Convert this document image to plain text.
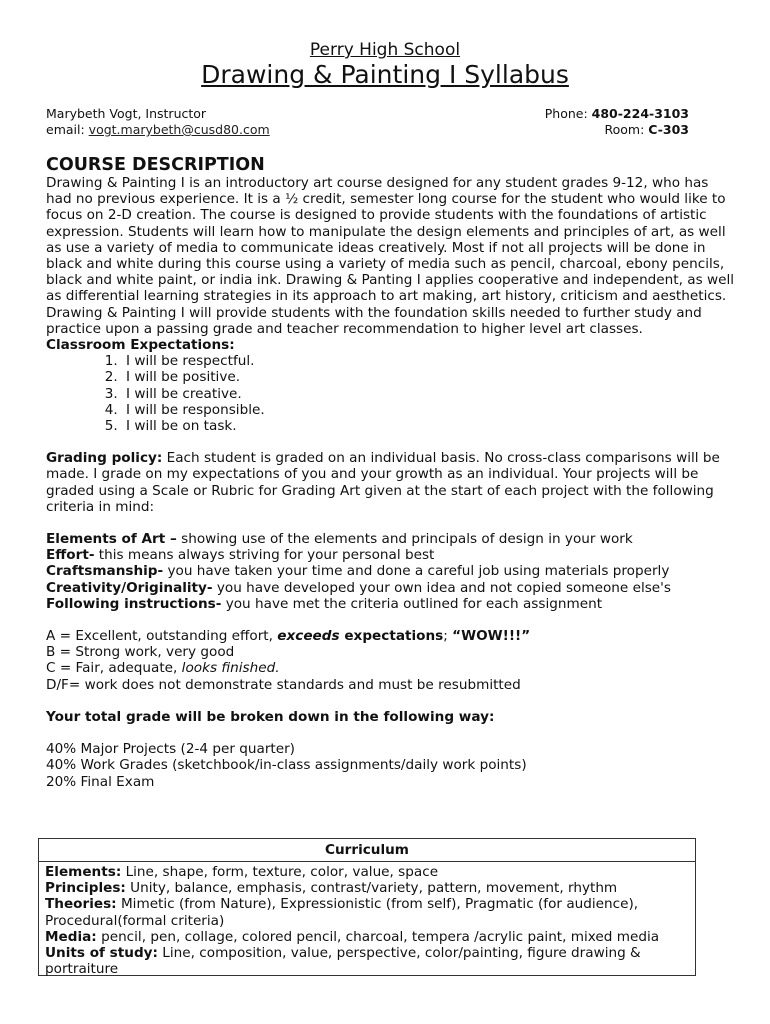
Perry High School
Drawing & Painting I Syllabus
Marybeth Vogt, Instructor
email: vogt.marybeth@cusd80.com
Phone: 480-224-3103
Room: C-303
COURSE DESCRIPTION

Drawing & Painting I is an introductory art course designed for any student grades 9-12, who has had no previous experience. It is a ½ credit, semester long course for the student who would like to focus on 2-D creation. The course is designed to provide students with the foundations of artistic expression. Students will learn how to manipulate the design elements and principles of art, as well as use a variety of media to communicate ideas creatively. Most if not all projects will be done in black and white during this course using a variety of media such as pencil, charcoal, ebony pencils, black and white paint, or india ink. Drawing & Panting I applies cooperative and independent, as well as differential learning strategies in its approach to art making, art history, criticism and aesthetics. Drawing & Painting I will provide students with the foundation skills needed to further study and practice upon a passing grade and teacher recommendation to higher level art classes.

Classroom Expectations:
1. I will be respectful.
2. I will be positive.
3. I will be creative.
4. I will be responsible.
5. I will be on task.

Grading policy: Each student is graded on an individual basis. No cross-class comparisons will be made. I grade on my expectations of you and your growth as an individual. Your projects will be graded using a Scale or Rubric for Grading Art given at the start of each project with the following criteria in mind:

Elements of Art – showing use of the elements and principals of design in your work
Effort- this means always striving for your personal best
Craftsmanship- you have taken your time and done a careful job using materials properly
Creativity/Originality- you have developed your own idea and not copied someone else's
Following instructions- you have met the criteria outlined for each assignment
A = Excellent, outstanding effort, exceeds expectations; “WOW!!!”
B = Strong work, very good
C = Fair, adequate, looks finished.
D/F= work does not demonstrate standards and must be resubmitted
Your total grade will be broken down in the following way:
40% Major Projects (2-4 per quarter)
40% Work Grades (sketchbook/in-class assignments/daily work points)
20% Final Exam
Curriculum
Elements: Line, shape, form, texture, color, value, space
Principles: Unity, balance, emphasis, contrast/variety, pattern, movement, rhythm
Theories: Mimetic (from Nature), Expressionistic (from self), Pragmatic (for audience), Procedural(formal criteria)
Media: pencil, pen, collage, colored pencil, charcoal, tempera /acrylic paint, mixed media
Units of study: Line, composition, value, perspective, color/painting, figure drawing & portraiture
